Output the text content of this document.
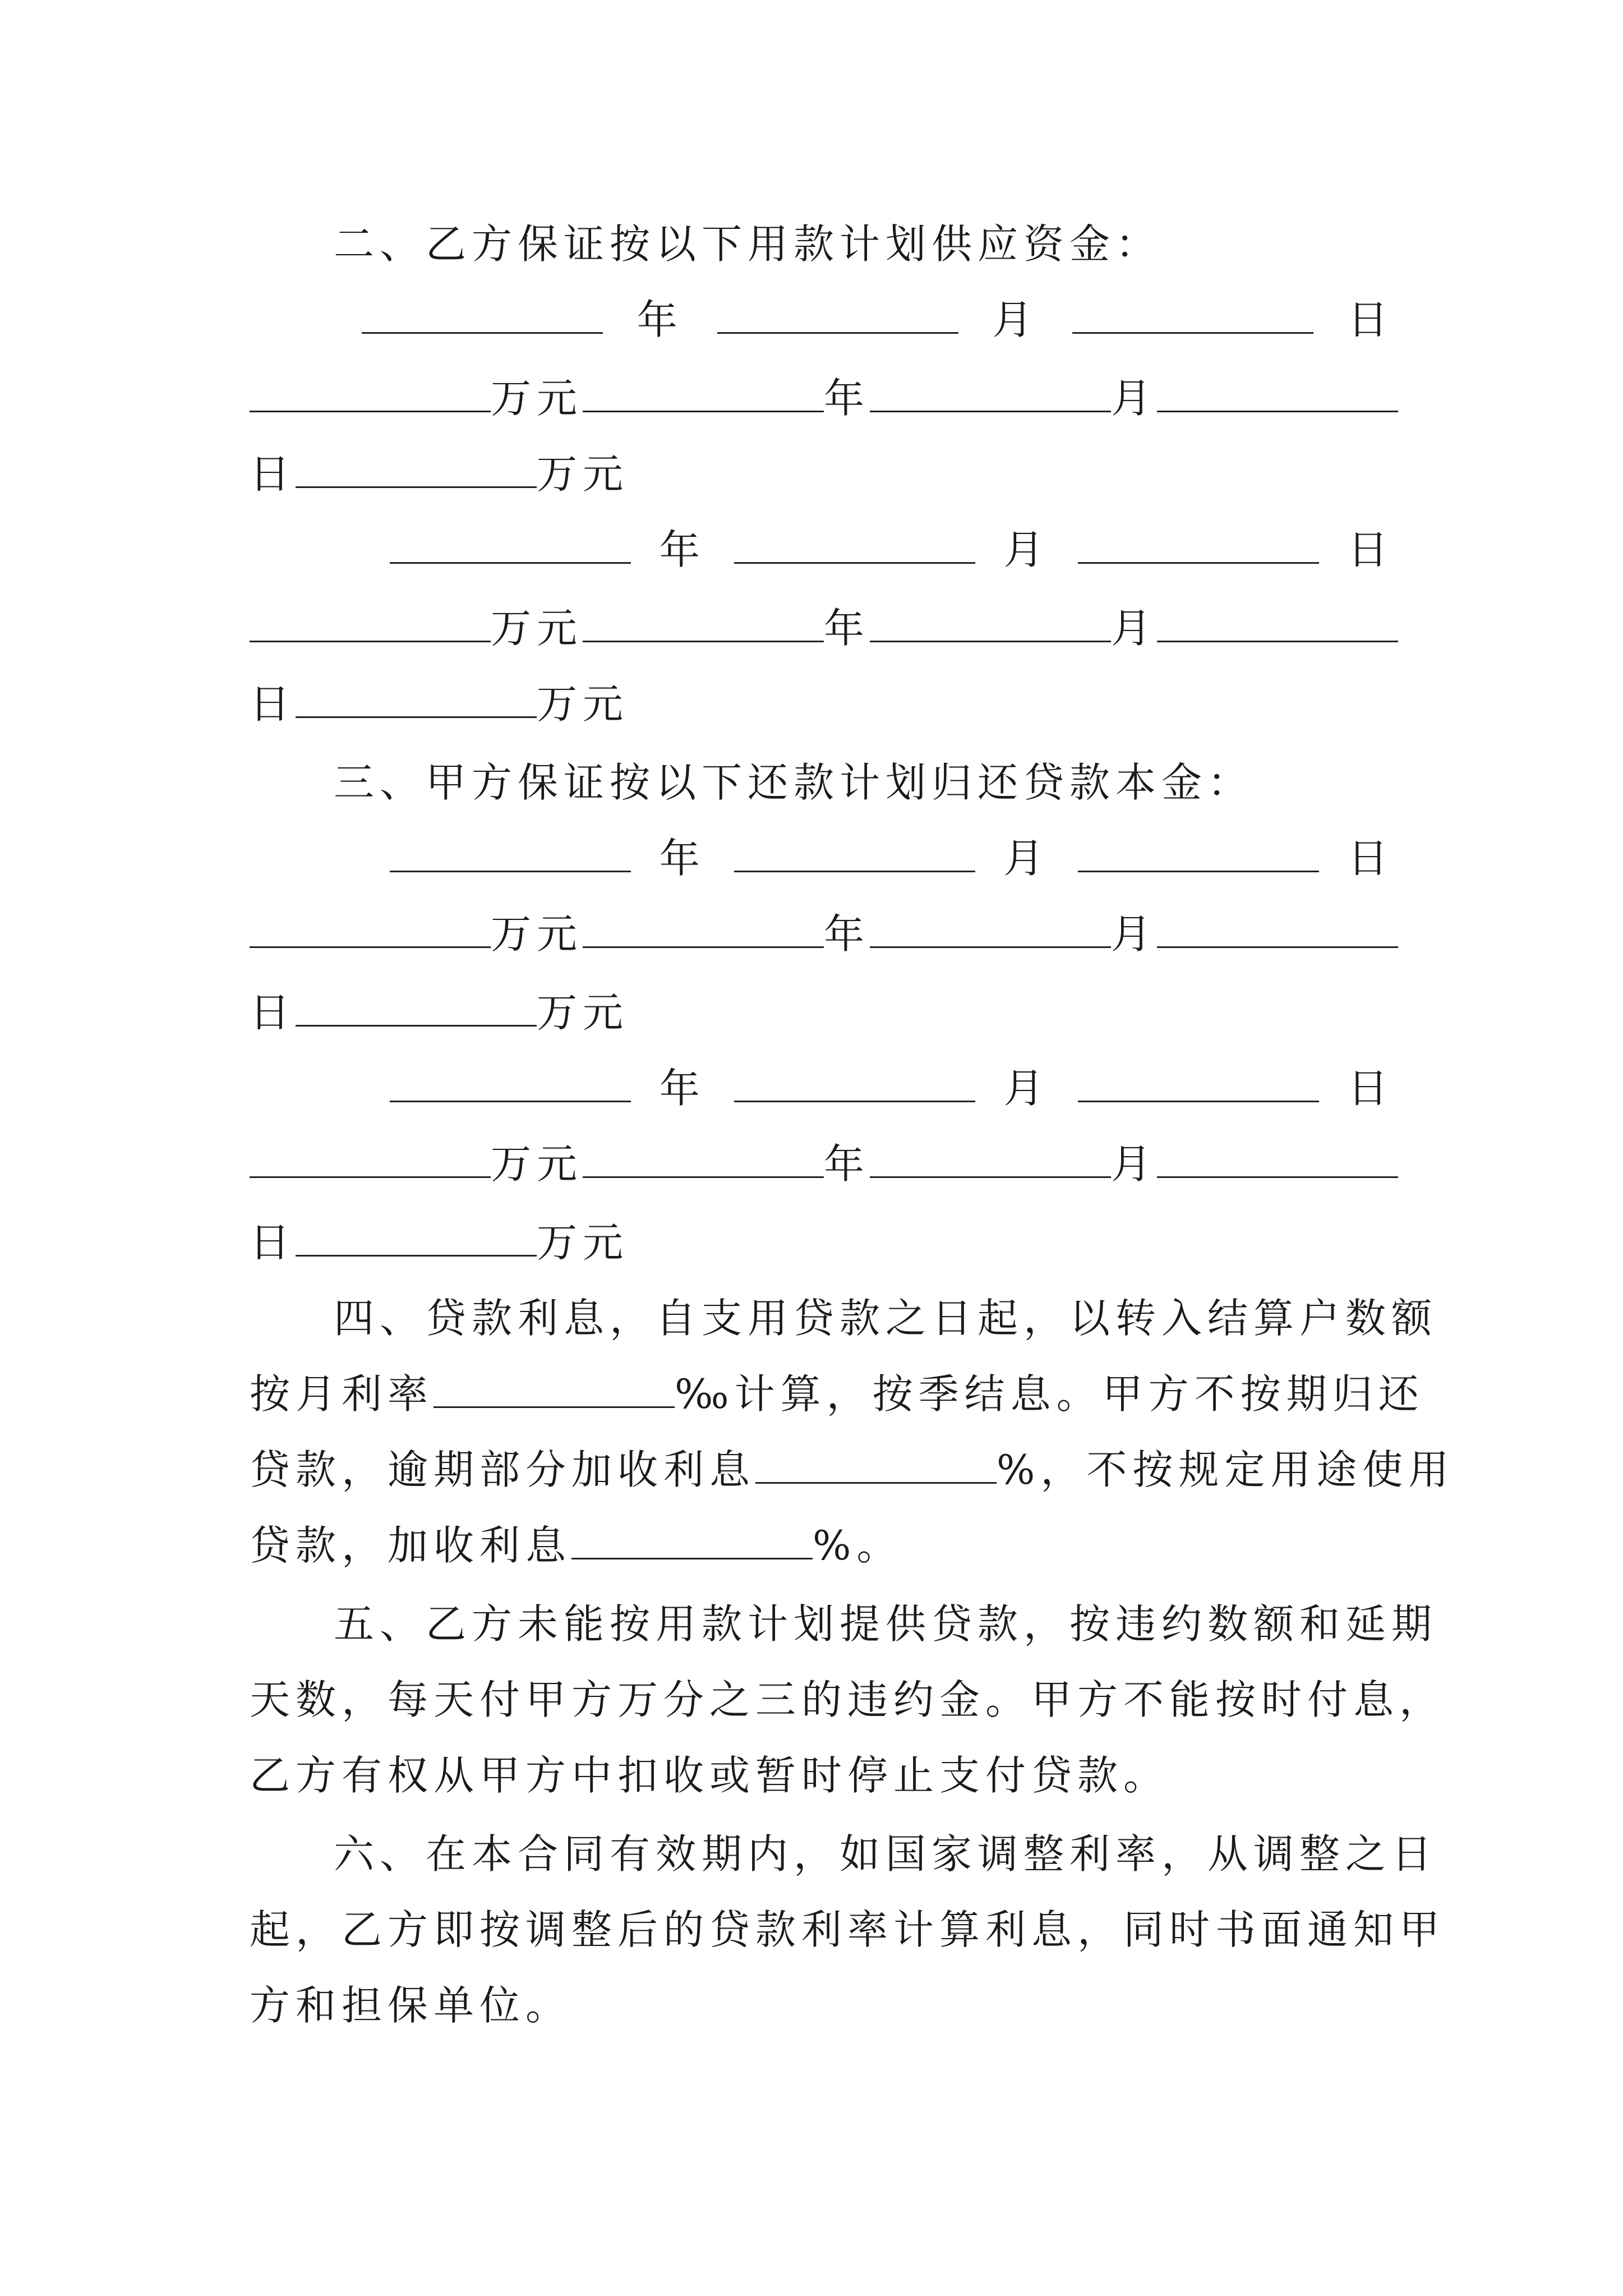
二、乙方保证按以下用款计划供应资金：
年	月	日
万元	年	月
日	万元
年	月	日
万元	年	月
日	万元
三、甲方保证按以下还款计划归还贷款本金：
年	月	日
万元	年	月
日	万元
年	月	日
万元	年	月
日	万元
四、贷款利息，自支用贷款之日起，以转入结算户数额
按月利率	‰计算，按季结息。甲方不按期归还
贷款，逾期部分加收利息	%，不按规定用途使用
贷款，加收利息	%。
五、乙方未能按用款计划提供贷款，按违约数额和延期
天数，每天付甲方万分之三的违约金。甲方不能按时付息，
乙方有权从甲方中扣收或暂时停止支付贷款。
六、在本合同有效期内，如国家调整利率，从调整之日
起，乙方即按调整后的贷款利率计算利息，同时书面通知甲
方和担保单位。
